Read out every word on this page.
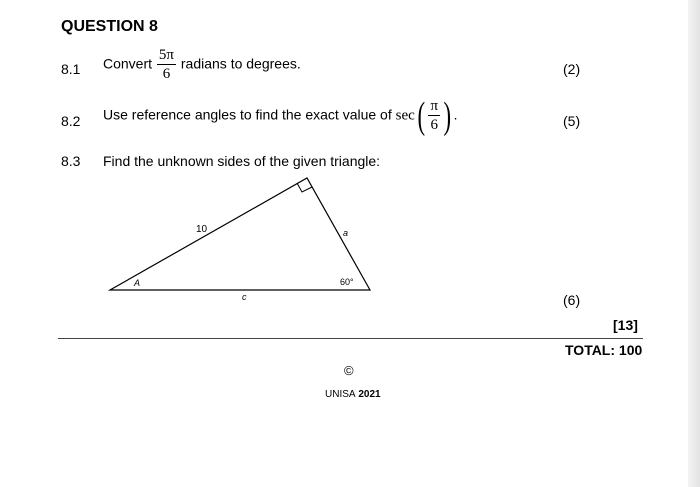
QUESTION 8
8.1 Convert $\frac{5\pi}{6}$ radians to degrees.	(2)
8.2 Use reference angles to find the exact value of $\sec( \frac{\pi}{6}$ ) .	(5)
8.3 Find the unknown sides of the given triangle:
10	a
c
A	60°
(6)
[13]
TOTAL: 100
©
UNISA 2021
